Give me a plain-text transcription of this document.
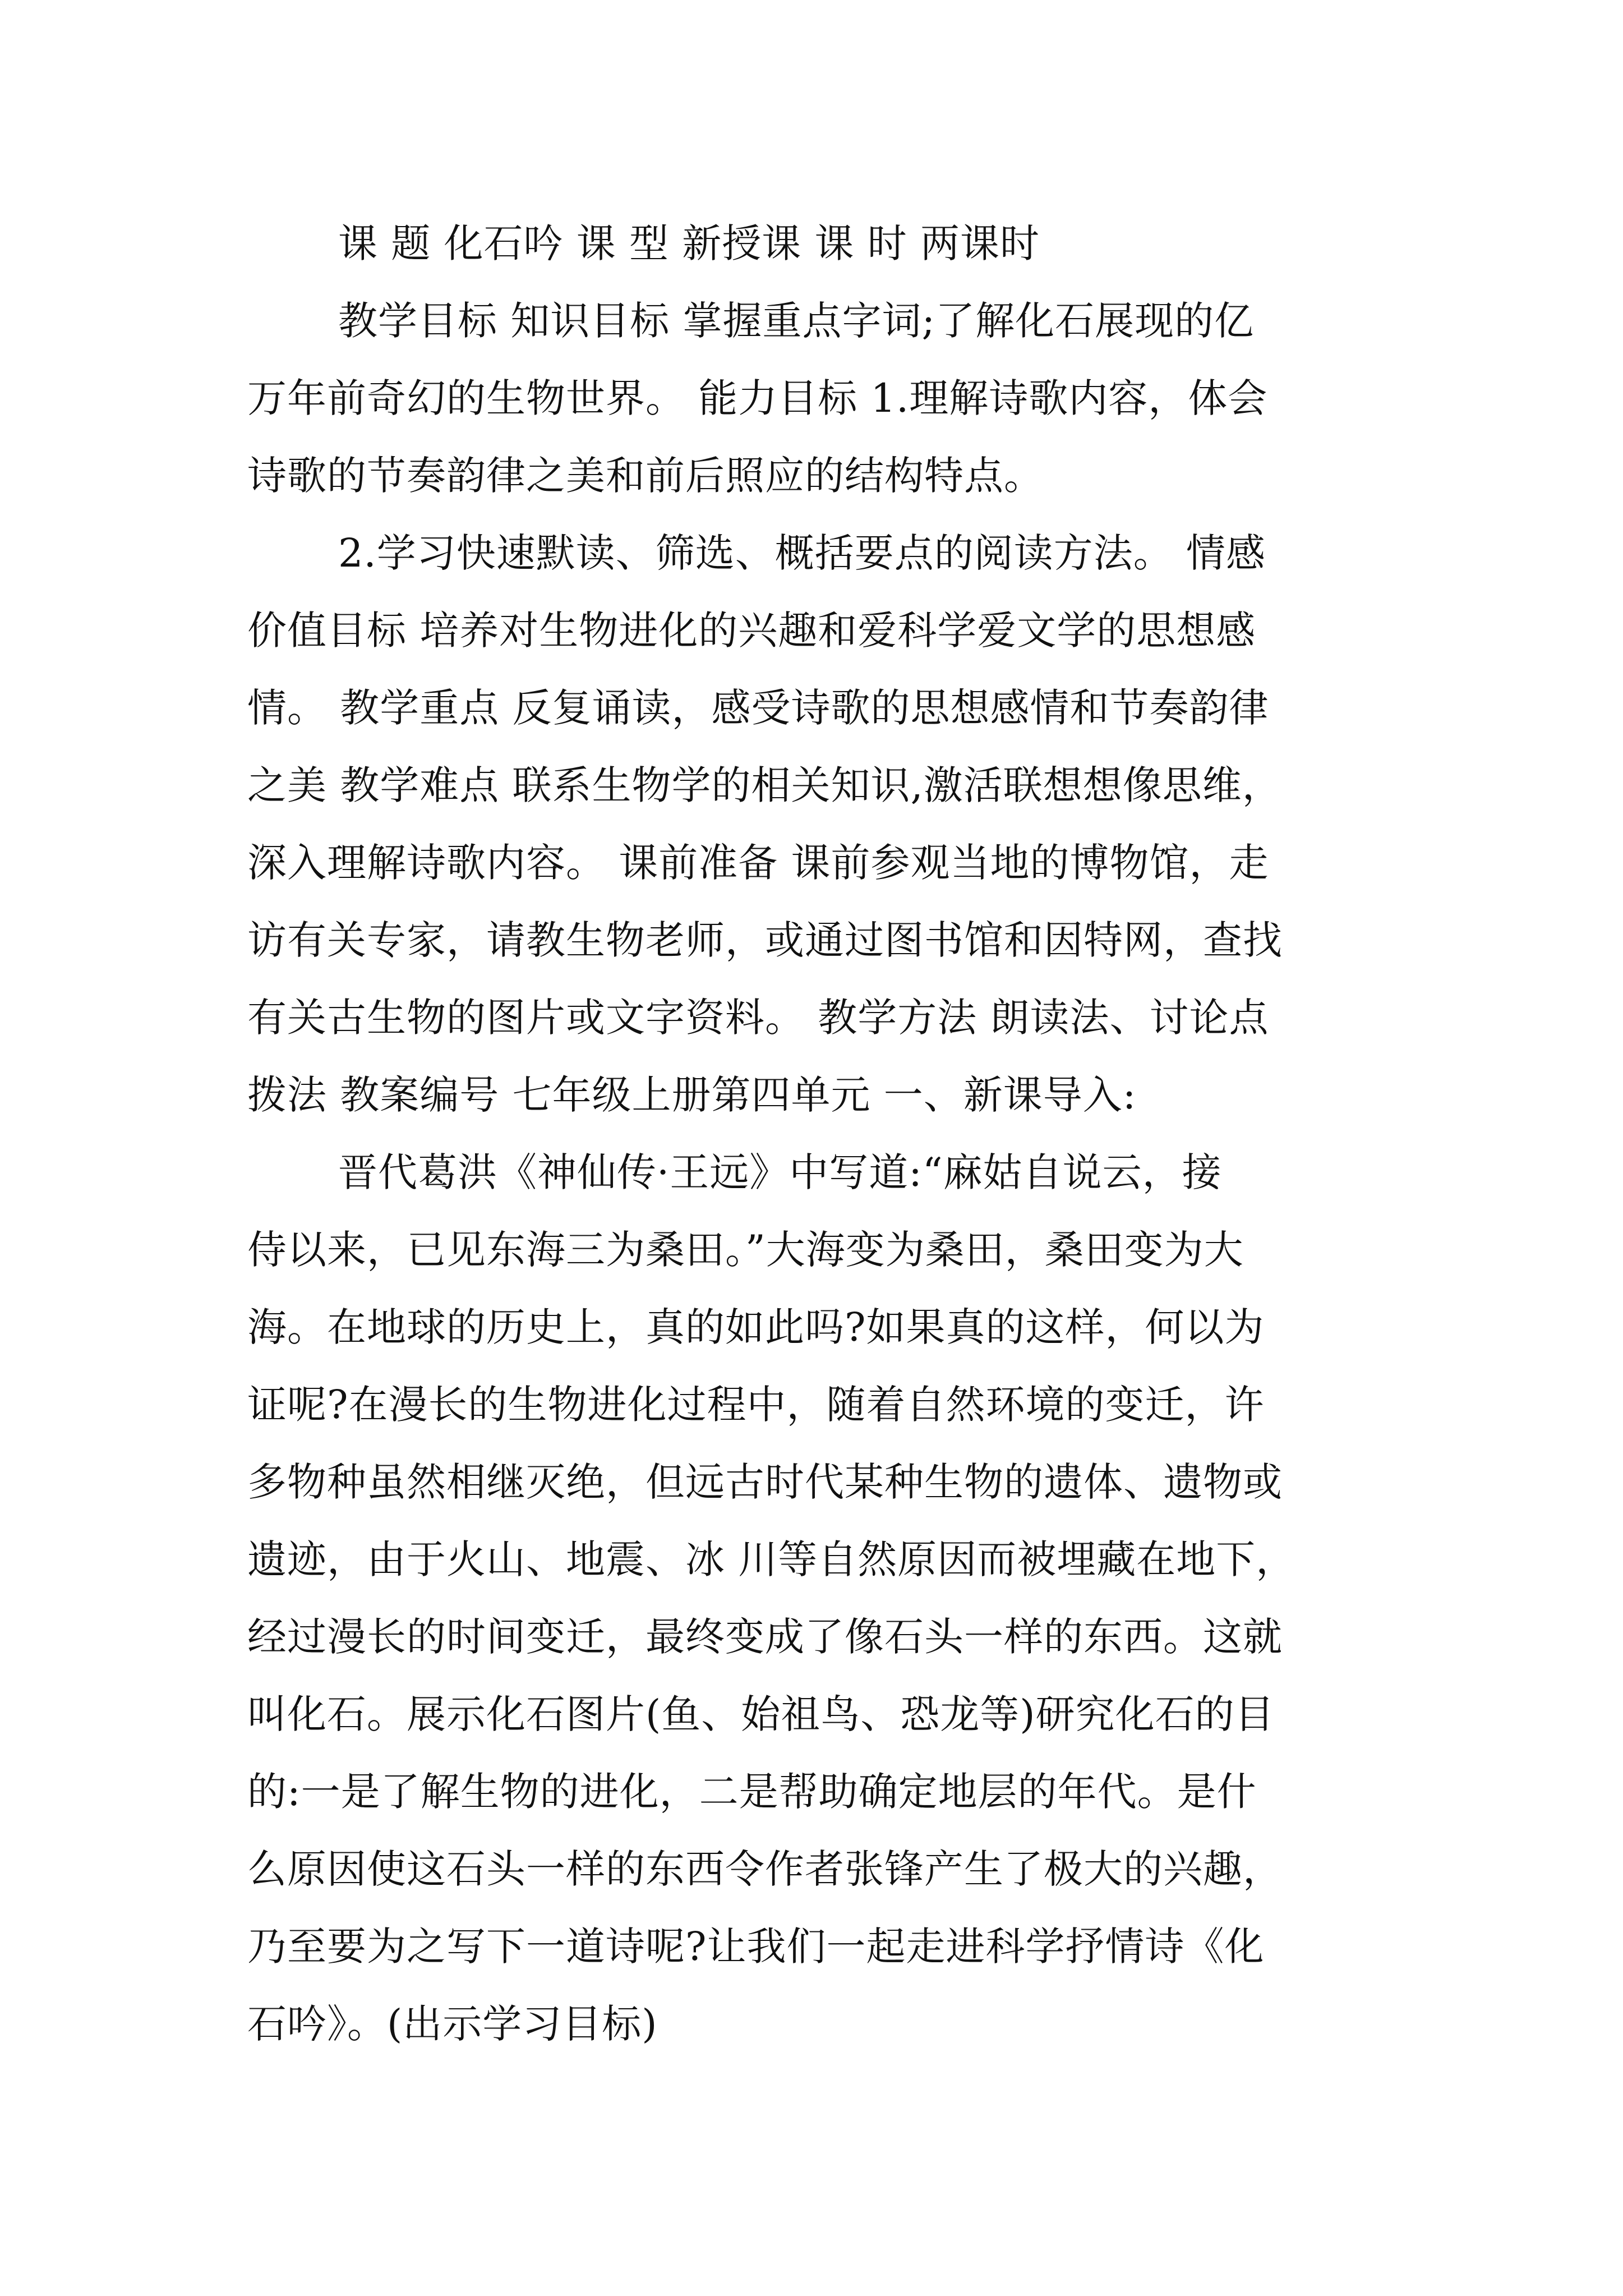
课 题 化石吟 课 型 新授课 课 时 两课时
教学目标 知识目标 掌握重点字词;了解化石展现的亿
万年前奇幻的生物世界。 能力目标 1.理解诗歌内容，体会
诗歌的节奏韵律之美和前后照应的结构特点。
2.学习快速默读、筛选、概括要点的阅读方法。 情感
价值目标 培养对生物进化的兴趣和爱科学爱文学的思想感
情。 教学重点 反复诵读，感受诗歌的思想感情和节奏韵律
之美 教学难点 联系生物学的相关知识,激活联想想像思维，
深入理解诗歌内容。 课前准备 课前参观当地的博物馆，走
访有关专家，请教生物老师，或通过图书馆和因特网，查找
有关古生物的图片或文字资料。 教学方法 朗读法、讨论点
拨法 教案编号 七年级上册第四单元 一、新课导入:
晋代葛洪《神仙传·王远》中写道:“麻姑自说云，接
侍以来，已见东海三为桑田。”大海变为桑田，桑田变为大
海。在地球的历史上，真的如此吗?如果真的这样，何以为
证呢?在漫长的生物进化过程中，随着自然环境的变迁，许
多物种虽然相继灭绝，但远古时代某种生物的遗体、遗物或
遗迹，由于火山、地震、冰 川等自然原因而被埋藏在地下，
经过漫长的时间变迁，最终变成了像石头一样的东西。这就
叫化石。展示化石图片(鱼、始祖鸟、恐龙等)研究化石的目
的:一是了解生物的进化，二是帮助确定地层的年代。是什
么原因使这石头一样的东西令作者张锋产生了极大的兴趣，
乃至要为之写下一道诗呢?让我们一起走进科学抒情诗《化
石吟》。(出示学习目标)
